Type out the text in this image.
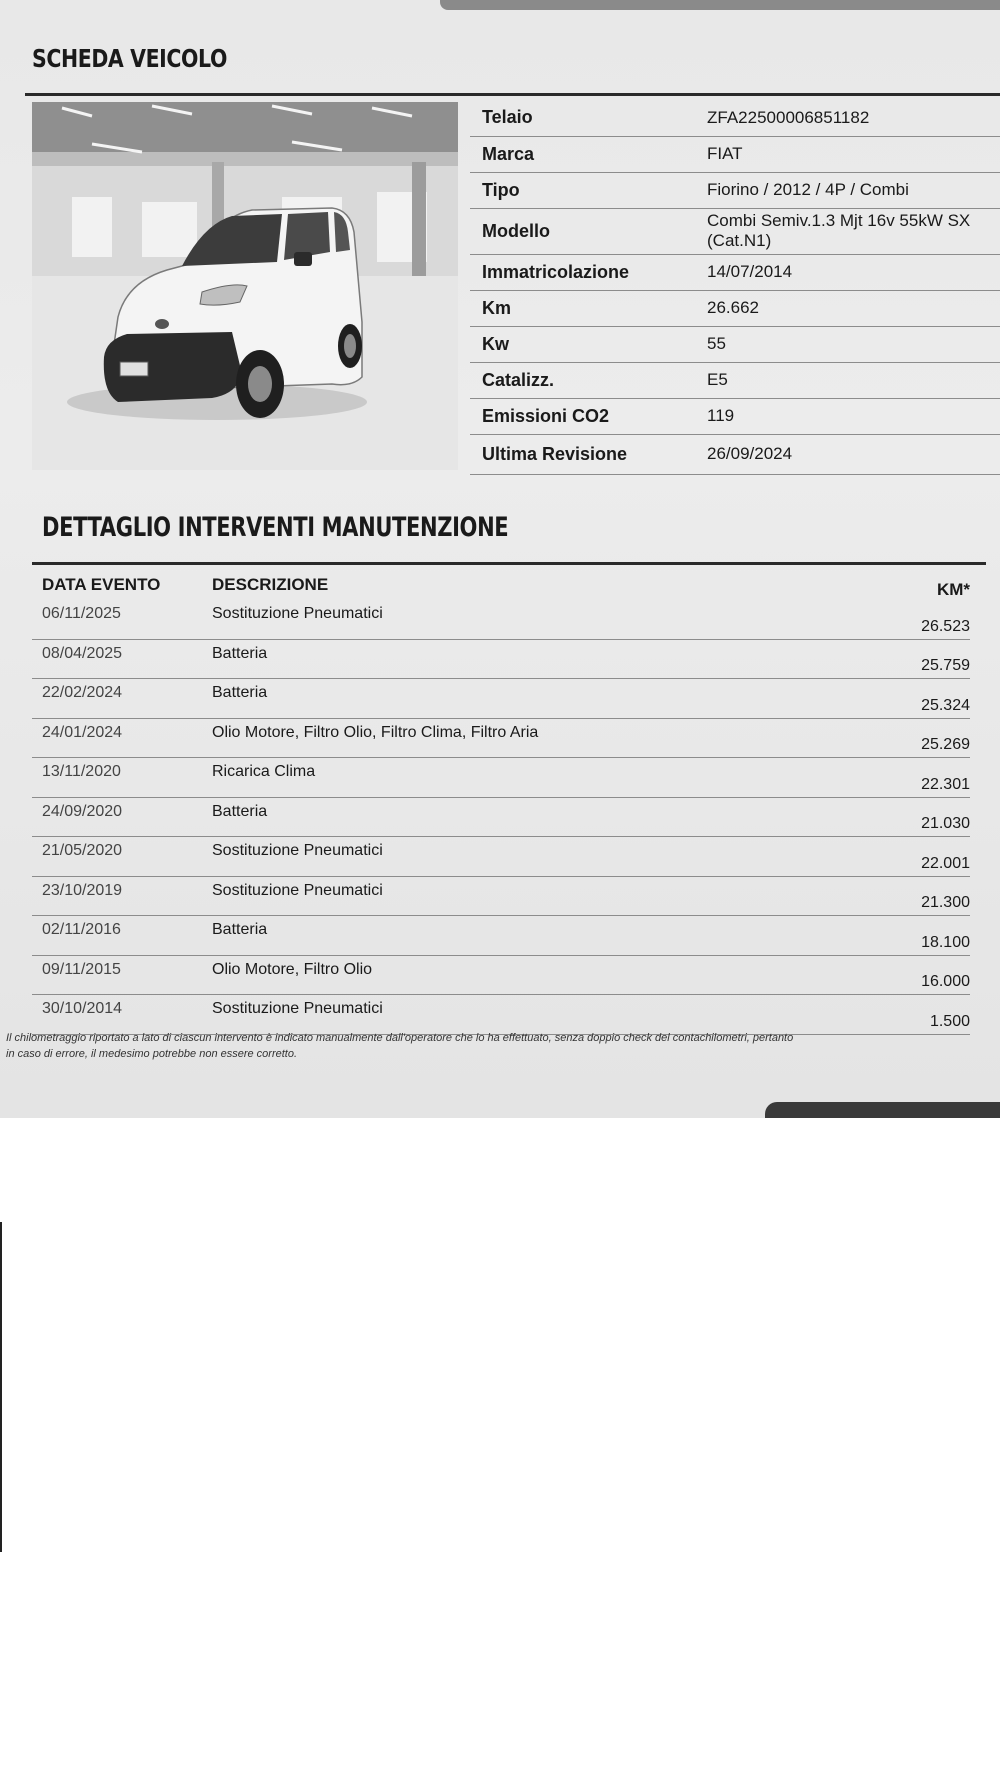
SCHEDA VEICOLO
Telaio	ZFA22500006851182
Marca	FIAT
Tipo	Fiorino / 2012 / 4P / Combi
Modello	Combi Semiv.1.3 Mjt 16v 55kW SX (Cat.N1)
Immatricolazione	14/07/2014
Km	26.662
Kw	55
Catalizz.	E5
Emissioni CO2	119
Ultima Revisione	26/09/2024
DETTAGLIO INTERVENTI MANUTENZIONE
DATA EVENTO	DESCRIZIONE	KM*
06/11/2025	Sostituzione Pneumatici	26.523
08/04/2025	Batteria	25.759
22/02/2024	Batteria	25.324
24/01/2024	Olio Motore, Filtro Olio, Filtro Clima, Filtro Aria	25.269
13/11/2020	Ricarica Clima	22.301
24/09/2020	Batteria	21.030
21/05/2020	Sostituzione Pneumatici	22.001
23/10/2019	Sostituzione Pneumatici	21.300
02/11/2016	Batteria	18.100
09/11/2015	Olio Motore, Filtro Olio	16.000
30/10/2014	Sostituzione Pneumatici	1.500
Il chilometraggio riportato a lato di ciascun intervento è indicato manualmente dall'operatore che lo ha effettuato, senza doppio check del contachilometri, pertanto
in caso di errore, il medesimo potrebbe non essere corretto.
